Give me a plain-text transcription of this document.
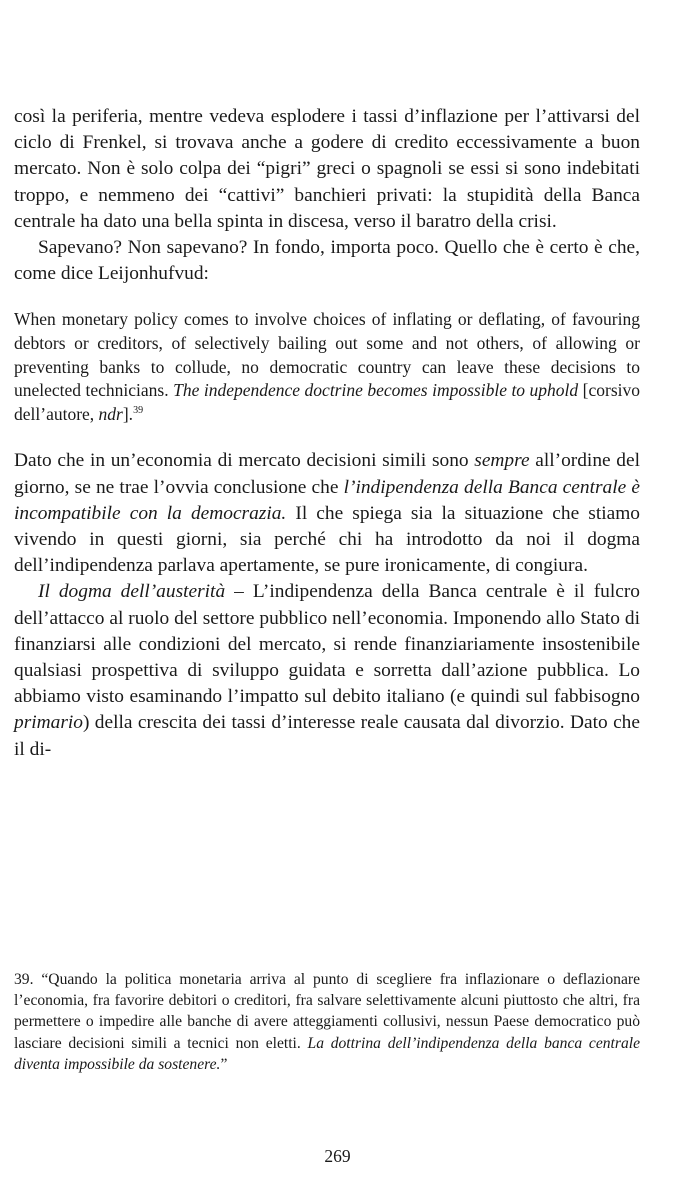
così la periferia, mentre vedeva esplodere i tassi d’inflazione per l’attivarsi del ciclo di Frenkel, si trovava anche a godere di credito eccessivamente a buon mercato. Non è solo colpa dei “pigri” greci o spagnoli se essi si sono indebitati troppo, e nemmeno dei “cattivi” banchieri privati: la stupidità della Banca centrale ha dato una bella spinta in discesa, verso il baratro della crisi.

Sapevano? Non sapevano? In fondo, importa poco. Quello che è certo è che, come dice Leijonhufvud:

When monetary policy comes to involve choices of inflating or deflating, of favouring debtors or creditors, of selectively bailing out some and not others, of allowing or preventing banks to collude, no democratic country can leave these decisions to unelected technicians. The independence doctrine becomes impossible to uphold [corsivo dell’autore, ndr].$^{39}$

Dato che in un’economia di mercato decisioni simili sono sempre all’ordine del giorno, se ne trae l’ovvia conclusione che l’indipendenza della Banca centrale è incompatibile con la democrazia. Il che spiega sia la situazione che stiamo vivendo in questi giorni, sia perché chi ha introdotto da noi il dogma dell’indipendenza parlava apertamente, se pure ironicamente, di congiura.

Il dogma dell’austerità – L’indipendenza della Banca centrale è il fulcro dell’attacco al ruolo del settore pubblico nell’economia. Imponendo allo Stato di finanziarsi alle condizioni del mercato, si rende finanziariamente insostenibile qualsiasi prospettiva di sviluppo guidata e sorretta dall’azione pubblica. Lo abbiamo visto esaminando l’impatto sul debito italiano (e quindi sul fabbisogno primario) della crescita dei tassi d’interesse reale causata dal divorzio. Dato che il di-

39. “Quando la politica monetaria arriva al punto di scegliere fra inflazionare o deflazionare l’economia, fra favorire debitori o creditori, fra salvare selettivamente alcuni piuttosto che altri, fra permettere o impedire alle banche di avere atteggiamenti collusivi, nessun Paese democratico può lasciare decisioni simili a tecnici non eletti. La dottrina dell’indipendenza della banca centrale diventa impossibile da sostenere.”

269
